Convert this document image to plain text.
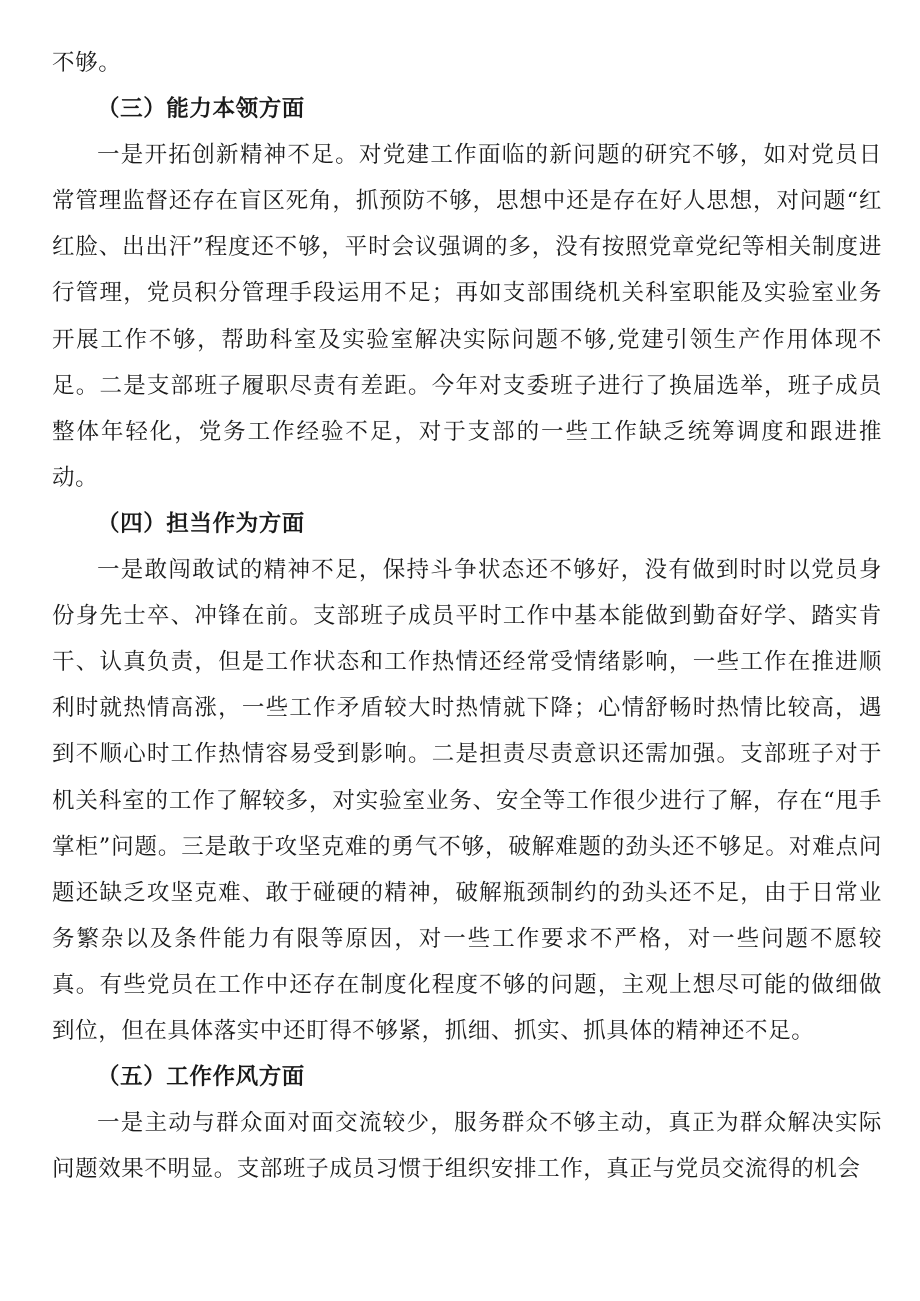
不够。

（三）能力本领方面

一是开拓创新精神不足。对党建工作面临的新问题的研究不够，如对党员日常管理监督还存在盲区死角，抓预防不够，思想中还是存在好人思想，对问题“红红脸、出出汗”程度还不够，平时会议强调的多，没有按照党章党纪等相关制度进行管理，党员积分管理手段运用不足；再如支部围绕机关科室职能及实验室业务开展工作不够，帮助科室及实验室解决实际问题不够,党建引领生产作用体现不足。二是支部班子履职尽责有差距。今年对支委班子进行了换届选举，班子成员整体年轻化，党务工作经验不足，对于支部的一些工作缺乏统筹调度和跟进推动。

（四）担当作为方面

一是敢闯敢试的精神不足，保持斗争状态还不够好，没有做到时时以党员身份身先士卒、冲锋在前。支部班子成员平时工作中基本能做到勤奋好学、踏实肯干、认真负责，但是工作状态和工作热情还经常受情绪影响，一些工作在推进顺利时就热情高涨，一些工作矛盾较大时热情就下降；心情舒畅时热情比较高，遇到不顺心时工作热情容易受到影响。二是担责尽责意识还需加强。支部班子对于机关科室的工作了解较多，对实验室业务、安全等工作很少进行了解，存在“甩手掌柜”问题。三是敢于攻坚克难的勇气不够，破解难题的劲头还不够足。对难点问题还缺乏攻坚克难、敢于碰硬的精神，破解瓶颈制约的劲头还不足，由于日常业务繁杂以及条件能力有限等原因，对一些工作要求不严格，对一些问题不愿较真。有些党员在工作中还存在制度化程度不够的问题，主观上想尽可能的做细做到位，但在具体落实中还盯得不够紧，抓细、抓实、抓具体的精神还不足。

（五）工作作风方面

一是主动与群众面对面交流较少，服务群众不够主动，真正为群众解决实际问题效果不明显。支部班子成员习惯于组织安排工作，真正与党员交流得的机会
